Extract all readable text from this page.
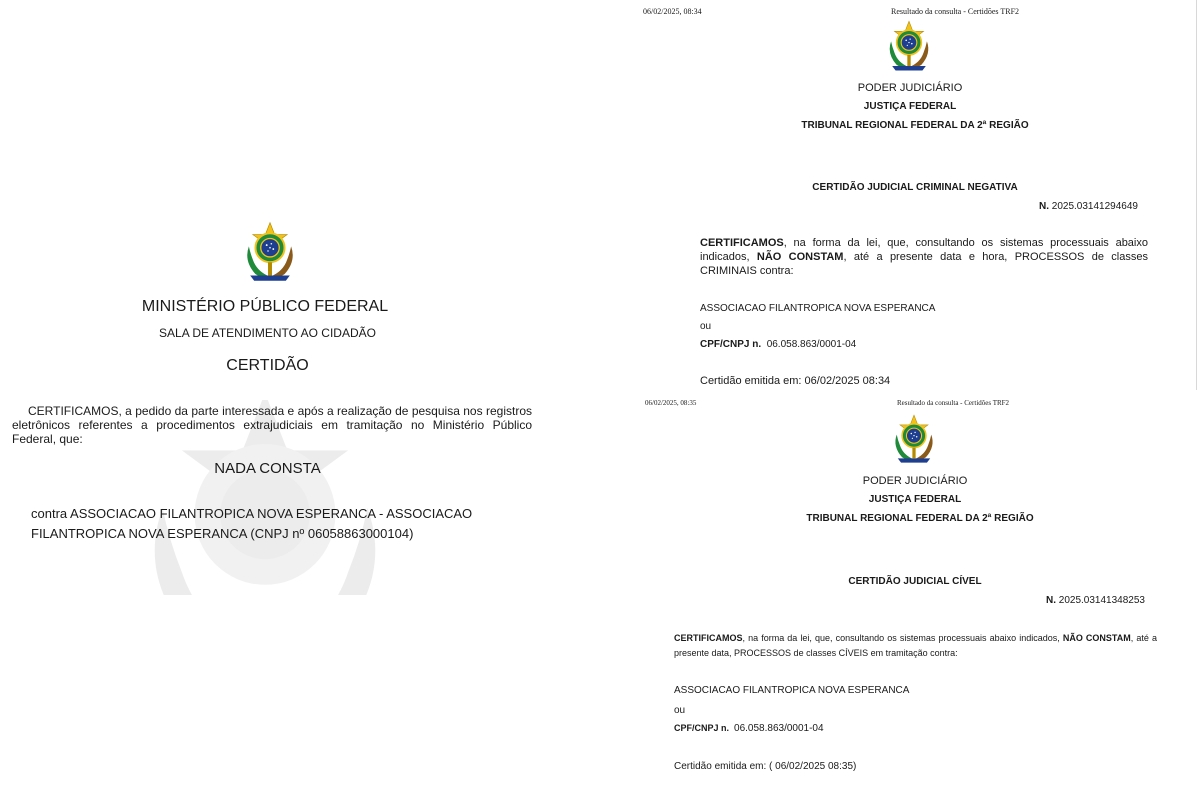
MINISTÉRIO PÚBLICO FEDERAL
SALA DE ATENDIMENTO AO CIDADÃO
CERTIDÃO
CERTIFICAMOS, a pedido da parte interessada e após a realização de pesquisa nos registros eletrônicos referentes a procedimentos extrajudiciais em tramitação no Ministério Público Federal, que:
NADA CONSTA
contra ASSOCIACAO FILANTROPICA NOVA ESPERANCA - ASSOCIACAO
FILANTROPICA NOVA ESPERANCA (CNPJ nº 06058863000104)
06/02/2025, 08:34	Resultado da consulta - Certidões TRF2
PODER JUDICIÁRIO
JUSTIÇA FEDERAL
TRIBUNAL REGIONAL FEDERAL DA 2ª REGIÃO
CERTIDÃO JUDICIAL CRIMINAL NEGATIVA
N. 2025.03141294649
CERTIFICAMOS, na forma da lei, que, consultando os sistemas processuais abaixo indicados, NÃO CONSTAM, até a presente data e hora, PROCESSOS de classes CRIMINAIS contra:
ASSOCIACAO FILANTROPICA NOVA ESPERANCA
ou
CPF/CNPJ n. 06.058.863/0001-04
Certidão emitida em: 06/02/2025 08:34
06/02/2025, 08:35	Resultado da consulta - Certidões TRF2
PODER JUDICIÁRIO
JUSTIÇA FEDERAL
TRIBUNAL REGIONAL FEDERAL DA 2ª REGIÃO
CERTIDÃO JUDICIAL CÍVEL
N. 2025.03141348253
CERTIFICAMOS, na forma da lei, que, consultando os sistemas processuais abaixo indicados, NÃO CONSTAM, até a presente data, PROCESSOS de classes CÍVEIS em tramitação contra:
ASSOCIACAO FILANTROPICA NOVA ESPERANCA
ou
CPF/CNPJ n. 06.058.863/0001-04
Certidão emitida em: ( 06/02/2025 08:35)
